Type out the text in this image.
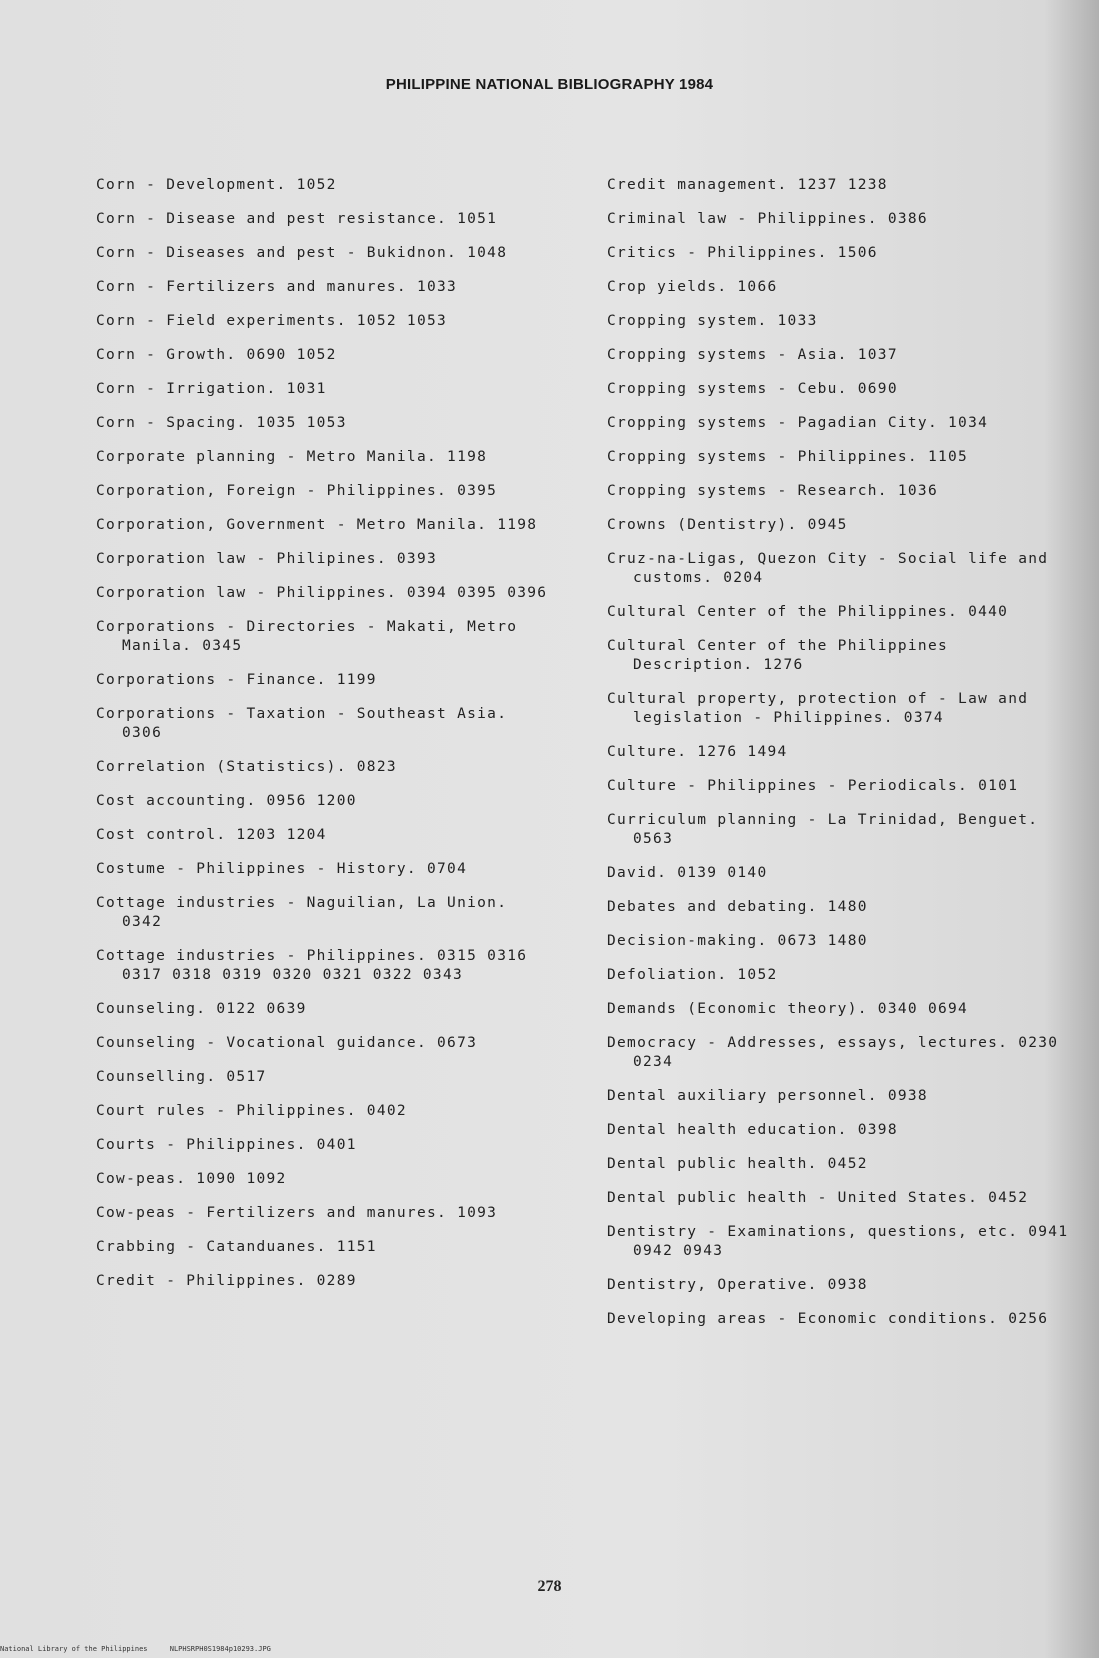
PHILIPPINE NATIONAL BIBLIOGRAPHY 1984
Corn - Development. 1052
Corn - Disease and pest resistance. 1051
Corn - Diseases and pest - Bukidnon. 1048
Corn - Fertilizers and manures. 1033
Corn - Field experiments. 1052 1053
Corn - Growth. 0690 1052
Corn - Irrigation. 1031
Corn - Spacing. 1035 1053
Corporate planning - Metro Manila. 1198
Corporation, Foreign - Philippines. 0395
Corporation, Government - Metro Manila. 1198
Corporation law - Philipines. 0393
Corporation law - Philippines. 0394 0395 0396
Corporations - Directories - Makati, Metro Manila. 0345
Corporations - Finance. 1199
Corporations - Taxation - Southeast Asia. 0306
Correlation (Statistics). 0823
Cost accounting. 0956 1200
Cost control. 1203 1204
Costume - Philippines - History. 0704
Cottage industries - Naguilian, La Union. 0342
Cottage industries - Philippines. 0315 0316 0317 0318 0319 0320 0321 0322 0343
Counseling. 0122 0639
Counseling - Vocational guidance. 0673
Counselling. 0517
Court rules - Philippines. 0402
Courts - Philippines. 0401
Cow-peas. 1090 1092
Cow-peas - Fertilizers and manures. 1093
Crabbing - Catanduanes. 1151
Credit - Philippines. 0289
Credit management. 1237 1238
Criminal law - Philippines. 0386
Critics - Philippines. 1506
Crop yields. 1066
Cropping system. 1033
Cropping systems - Asia. 1037
Cropping systems - Cebu. 0690
Cropping systems - Pagadian City. 1034
Cropping systems - Philippines. 1105
Cropping systems - Research. 1036
Crowns (Dentistry). 0945
Cruz-na-Ligas, Quezon City - Social life and customs. 0204
Cultural Center of the Philippines. 0440
Cultural Center of the Philippines Description. 1276
Cultural property, protection of - Law and legislation - Philippines. 0374
Culture. 1276 1494
Culture - Philippines - Periodicals. 0101
Curriculum planning - La Trinidad, Benguet. 0563
David. 0139 0140
Debates and debating. 1480
Decision-making. 0673 1480
Defoliation. 1052
Demands (Economic theory). 0340 0694
Democracy - Addresses, essays, lectures. 0230 0234
Dental auxiliary personnel. 0938
Dental health education. 0398
Dental public health. 0452
Dental public health - United States. 0452
Dentistry - Examinations, questions, etc. 0941 0942 0943
Dentistry, Operative. 0938
Developing areas - Economic conditions. 0256
278
National Library of the Philippines	NLPHSRPH0S1984p10293.JPG
